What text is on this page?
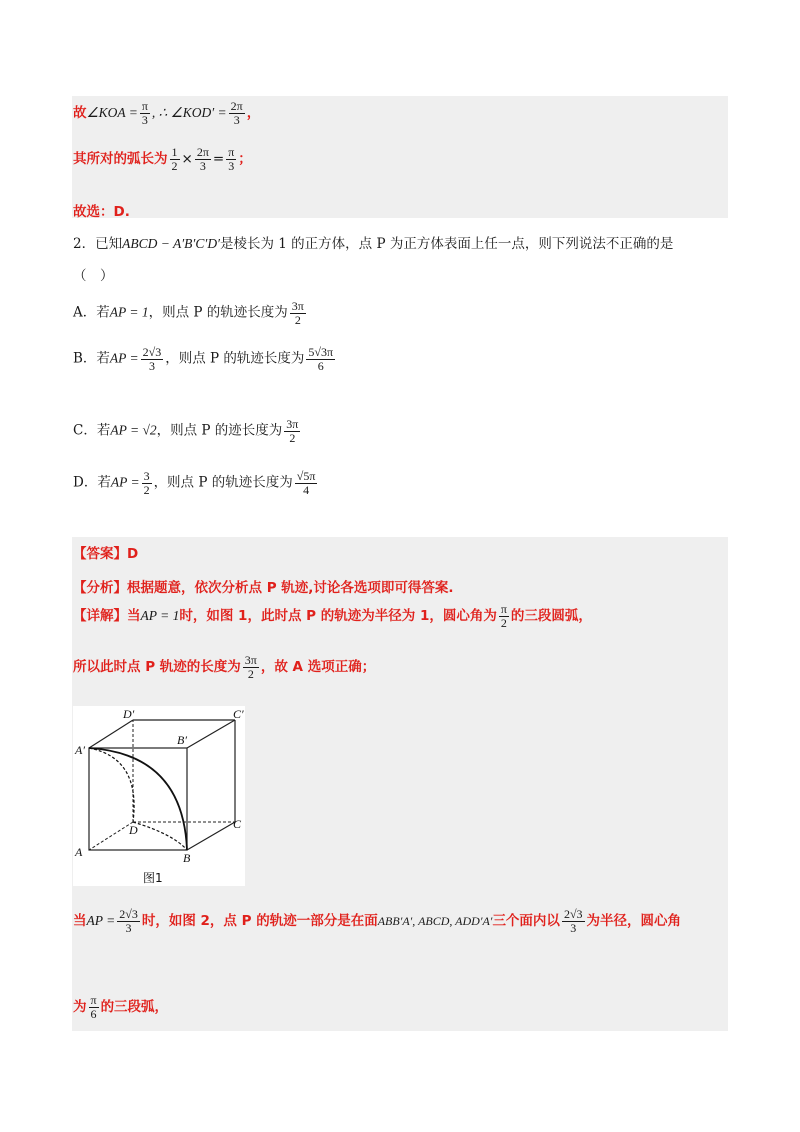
故∠KOA = $\frac{\pi}{3}$ , ∴ ∠KOD′ = $\frac{2\pi}{3}$ ，
其所对的弧长为 $\frac{1}{2} \times \frac{2\pi}{3} = \frac{\pi}{3}$ ；
故选：D.
2．已知ABCD − A′B′C′D′是棱长为 1 的正方体，点 P 为正方体表面上任一点，则下列说法不正确的是
（　）
A．若AP = 1，则点 P 的轨迹长度为 $\frac{3\pi}{2}$
B．若AP = $\frac{2√3}{3}$ ，则点 P 的轨迹长度为 $\frac{5√3\pi}{6}$
C．若AP = √2，则点 P 的迹长度为 $\frac{3\pi}{2}$
D．若AP = $\frac{3}{2}$ ，则点 P 的轨迹长度为 $\frac{√5\pi}{4}$
【答案】D
【分析】根据题意，依次分析点 P 轨迹,讨论各选项即可得答案.
【详解】当AP = 1时，如图 1，此时点 P 的轨迹为半径为 1，圆心角为 $\frac{\pi}{2}$ 的三段圆弧，
所以此时点 P 轨迹的长度为 $\frac{3\pi}{2}$ ，故 A 选项正确；
D′	C′
B′
A′
D	C
A	B
图1
当AP = $\frac{2√3}{3}$ 时，如图 2，点 P 的轨迹一部分是在面ABB′A′, ABCD, ADD′A′三个面内以 $\frac{2√3}{3}$ 为半径，圆心角
为 $\frac{\pi}{6}$ 的三段弧，
